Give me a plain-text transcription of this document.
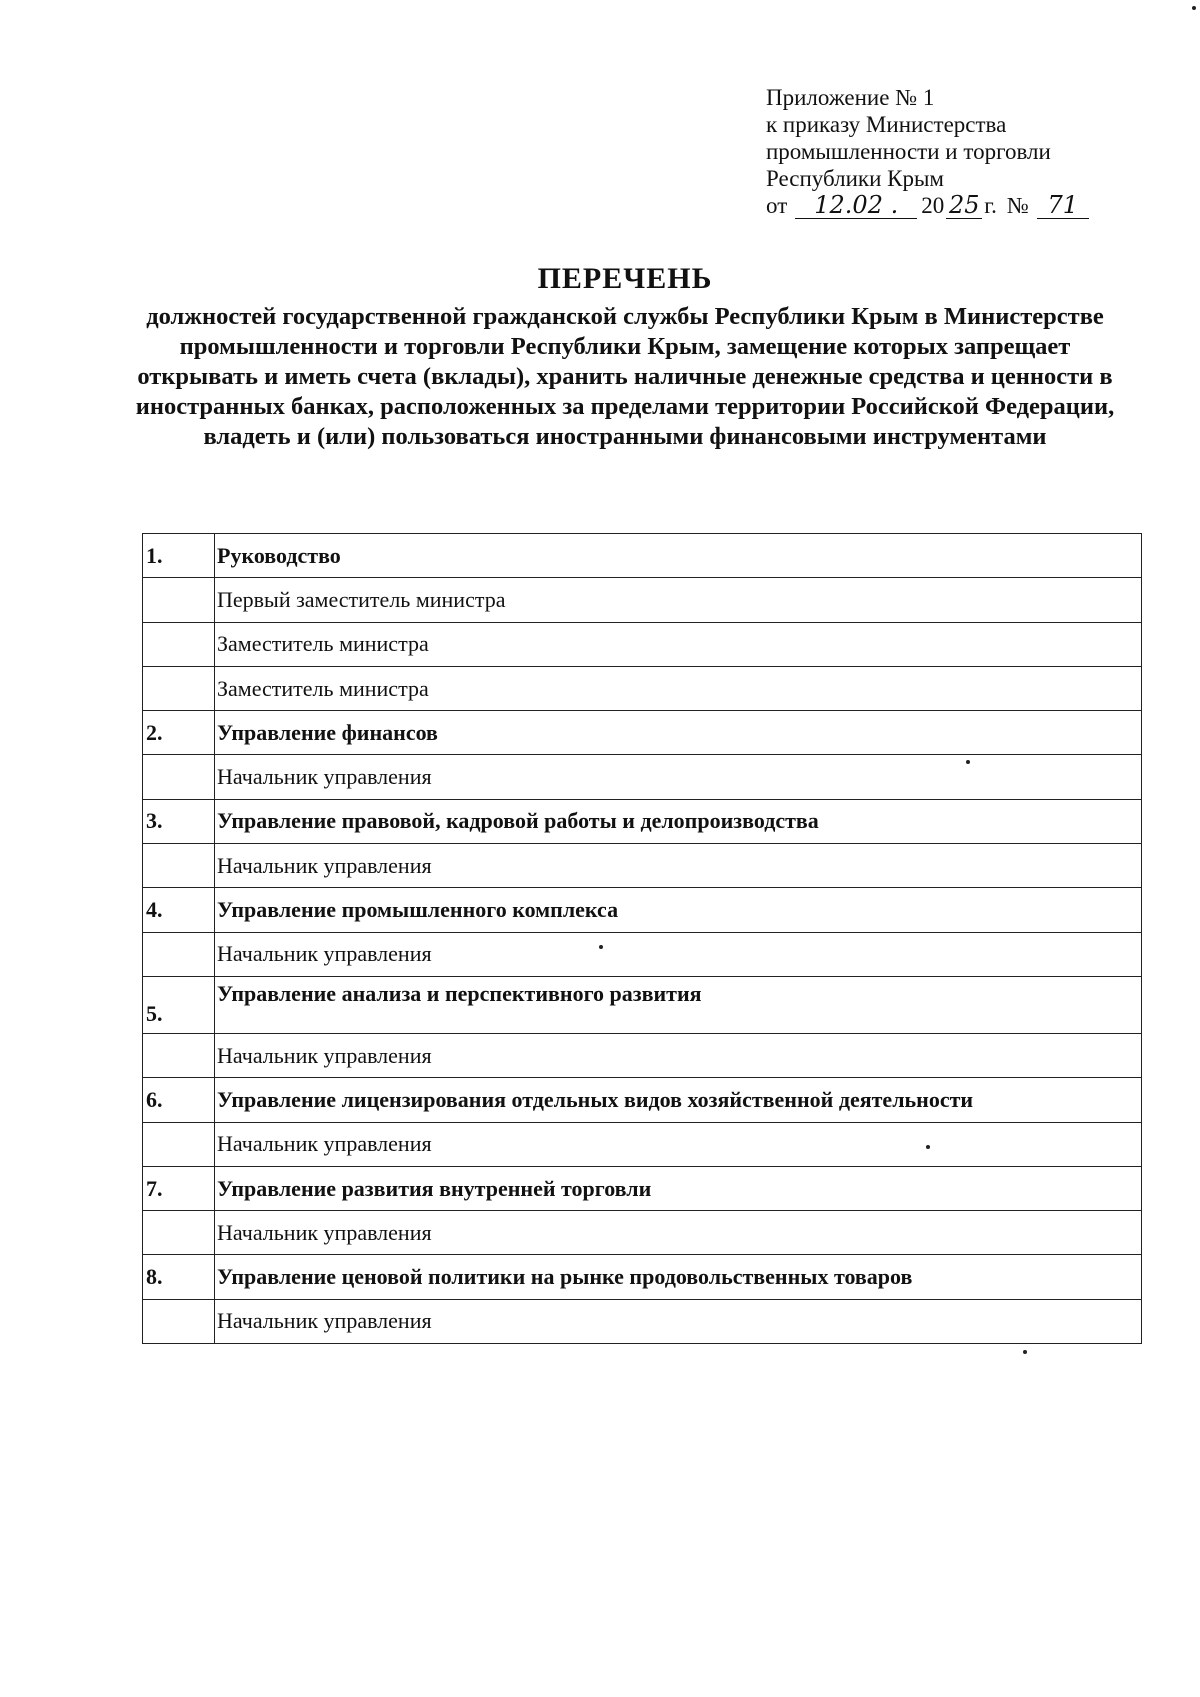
Приложение № 1
к приказу Министерства
промышленности и торговли
Республики Крым
от	12.02 .	20 25 г. № 71
ПЕРЕЧЕНЬ
должностей государственной гражданской службы Республики Крым в Министерстве промышленности и торговли Республики Крым, замещение которых запрещает открывать и иметь счета (вклады), хранить наличные денежные средства и ценности в иностранных банках, расположенных за пределами территории Российской Федерации, владеть и (или) пользоваться иностранными финансовыми инструментами
1.	Руководство
	Первый заместитель министра
	Заместитель министра
	Заместитель министра
2.	Управление финансов
	Начальник управления
3.	Управление правовой, кадровой работы и делопроизводства
	Начальник управления
4.	Управление промышленного комплекса
	Начальник управления
5.	Управление анализа и перспективного развития
	Начальник управления
6.	Управление лицензирования отдельных видов хозяйственной деятельности
	Начальник управления
7.	Управление развития внутренней торговли
	Начальник управления
8.	Управление ценовой политики на рынке продовольственных товаров
	Начальник управления
